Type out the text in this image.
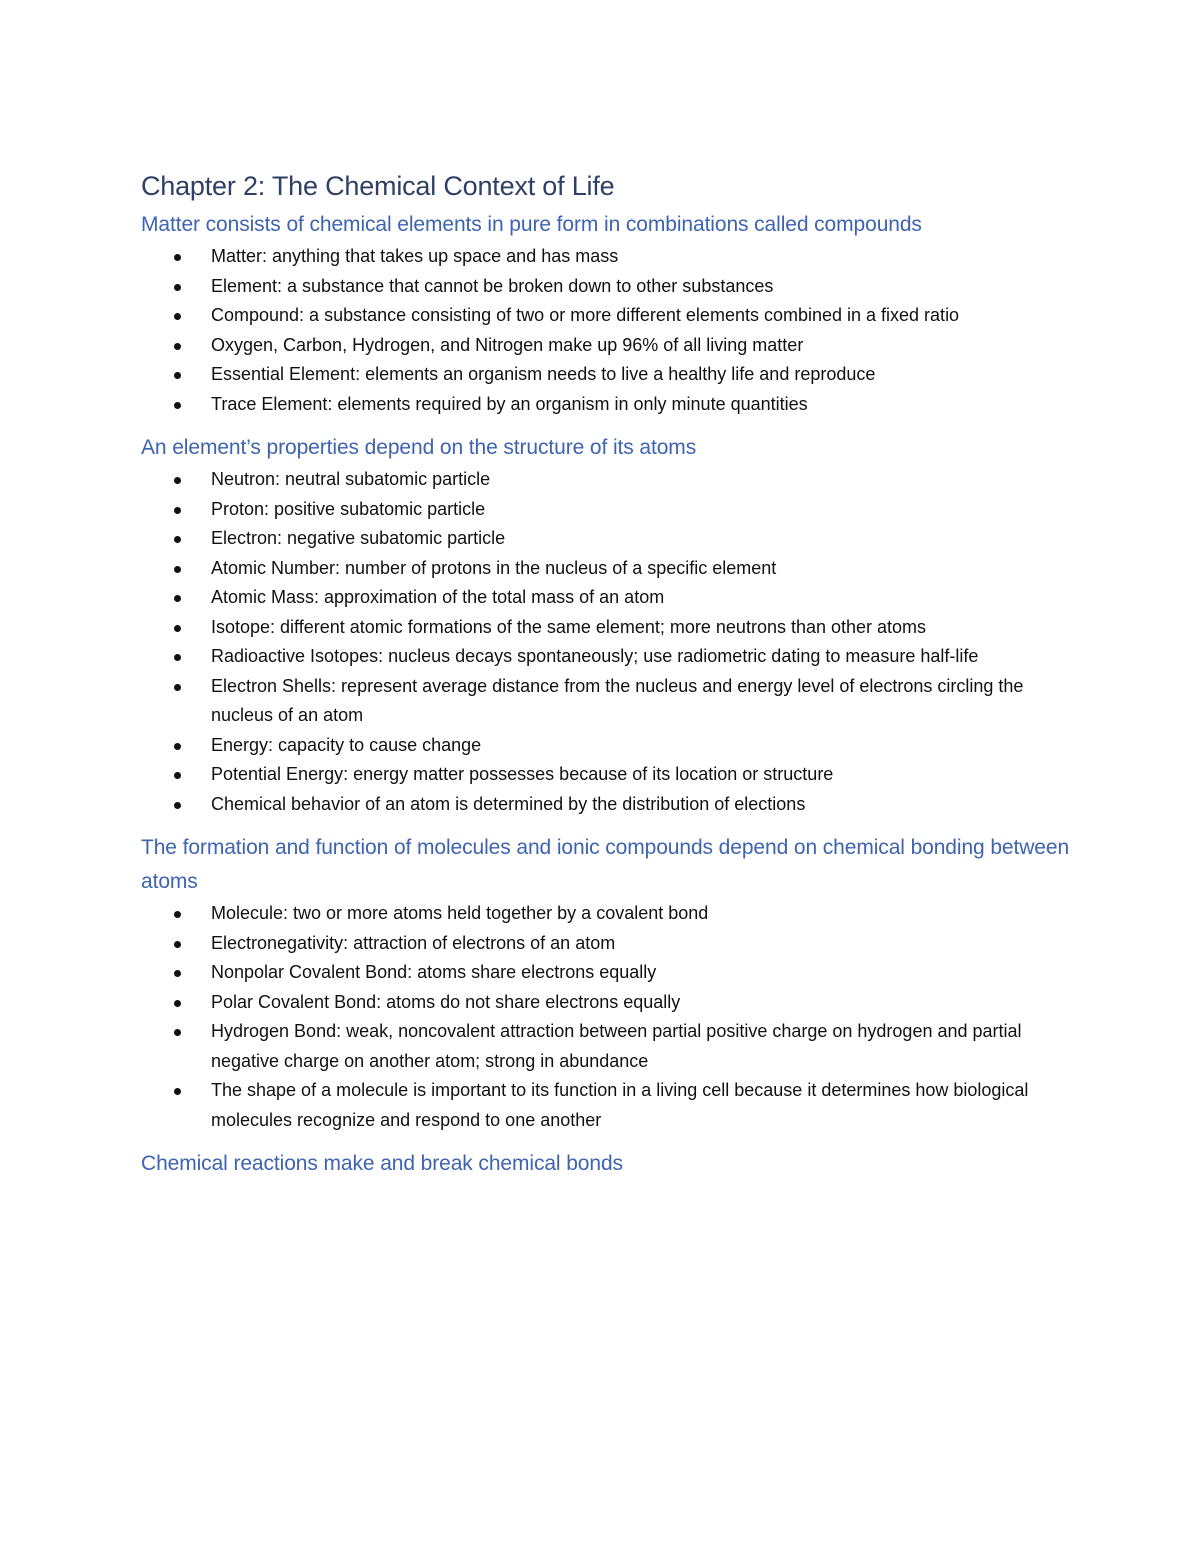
Chapter 2: The Chemical Context of Life
Matter consists of chemical elements in pure form in combinations called compounds
Matter: anything that takes up space and has mass
Element: a substance that cannot be broken down to other substances
Compound: a substance consisting of two or more different elements combined in a fixed ratio
Oxygen, Carbon, Hydrogen, and Nitrogen make up 96% of all living matter
Essential Element: elements an organism needs to live a healthy life and reproduce
Trace Element: elements required by an organism in only minute quantities
An element’s properties depend on the structure of its atoms
Neutron: neutral subatomic particle
Proton: positive subatomic particle
Electron: negative subatomic particle
Atomic Number: number of protons in the nucleus of a specific element
Atomic Mass: approximation of the total mass of an atom
Isotope: different atomic formations of the same element; more neutrons than other atoms
Radioactive Isotopes: nucleus decays spontaneously; use radiometric dating to measure half-life
Electron Shells: represent average distance from the nucleus and energy level of electrons circling the nucleus of an atom
Energy: capacity to cause change
Potential Energy: energy matter possesses because of its location or structure
Chemical behavior of an atom is determined by the distribution of elections
The formation and function of molecules and ionic compounds depend on chemical bonding between atoms
Molecule: two or more atoms held together by a covalent bond
Electronegativity: attraction of electrons of an atom
Nonpolar Covalent Bond: atoms share electrons equally
Polar Covalent Bond: atoms do not share electrons equally
Hydrogen Bond: weak, noncovalent attraction between partial positive charge on hydrogen and partial negative charge on another atom; strong in abundance
The shape of a molecule is important to its function in a living cell because it determines how biological molecules recognize and respond to one another
Chemical reactions make and break chemical bonds
